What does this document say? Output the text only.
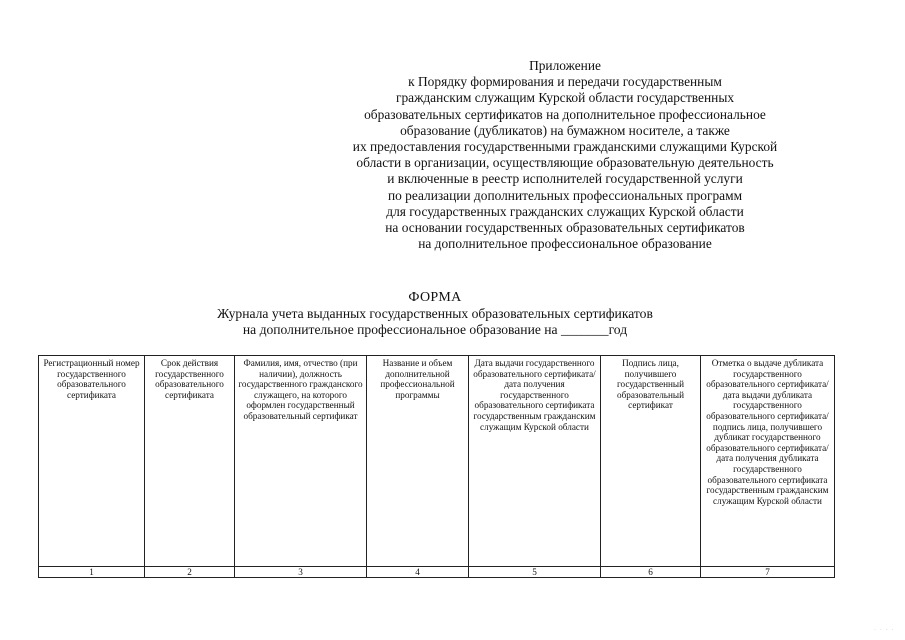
Приложение
к Порядку формирования и передачи государственным
гражданским служащим Курской области государственных
образовательных сертификатов на дополнительное профессиональное
образование (дубликатов) на бумажном носителе, а также
их предоставления государственными гражданскими служащими Курской
области в организации, осуществляющие образовательную деятельность
и включенные в реестр исполнителей государственной услуги
по реализации дополнительных профессиональных программ
для государственных гражданских служащих Курской области
на основании государственных образовательных сертификатов
на дополнительное профессиональное образование
ФОРМА
Журнала учета выданных государственных образовательных сертификатов
на дополнительное профессиональное образование на _______год
Регистрационный номер государственного образовательного сертификата	Срок действия государственного образовательного сертификата	Фамилия, имя, отчество (при наличии), должность государственного гражданского служащего, на которого оформлен государственный образовательный сертификат	Название и объем дополнительной профессиональной программы	Дата выдачи государственного образовательного сертификата/дата получения государственного образовательного сертификата государственным гражданским служащим Курской области	Подпись лица, получившего государственный образовательный сертификат	Отметка о выдаче дубликата государственного образовательного сертификата/дата выдачи дубликата государственного образовательного сертификата/подпись лица, получившего дубликат государственного образовательного сертификата/дата получения дубликата государственного образовательного сертификата государственным гражданским служащим Курской области
1	2	3	4	5	6	7
· · · ·
